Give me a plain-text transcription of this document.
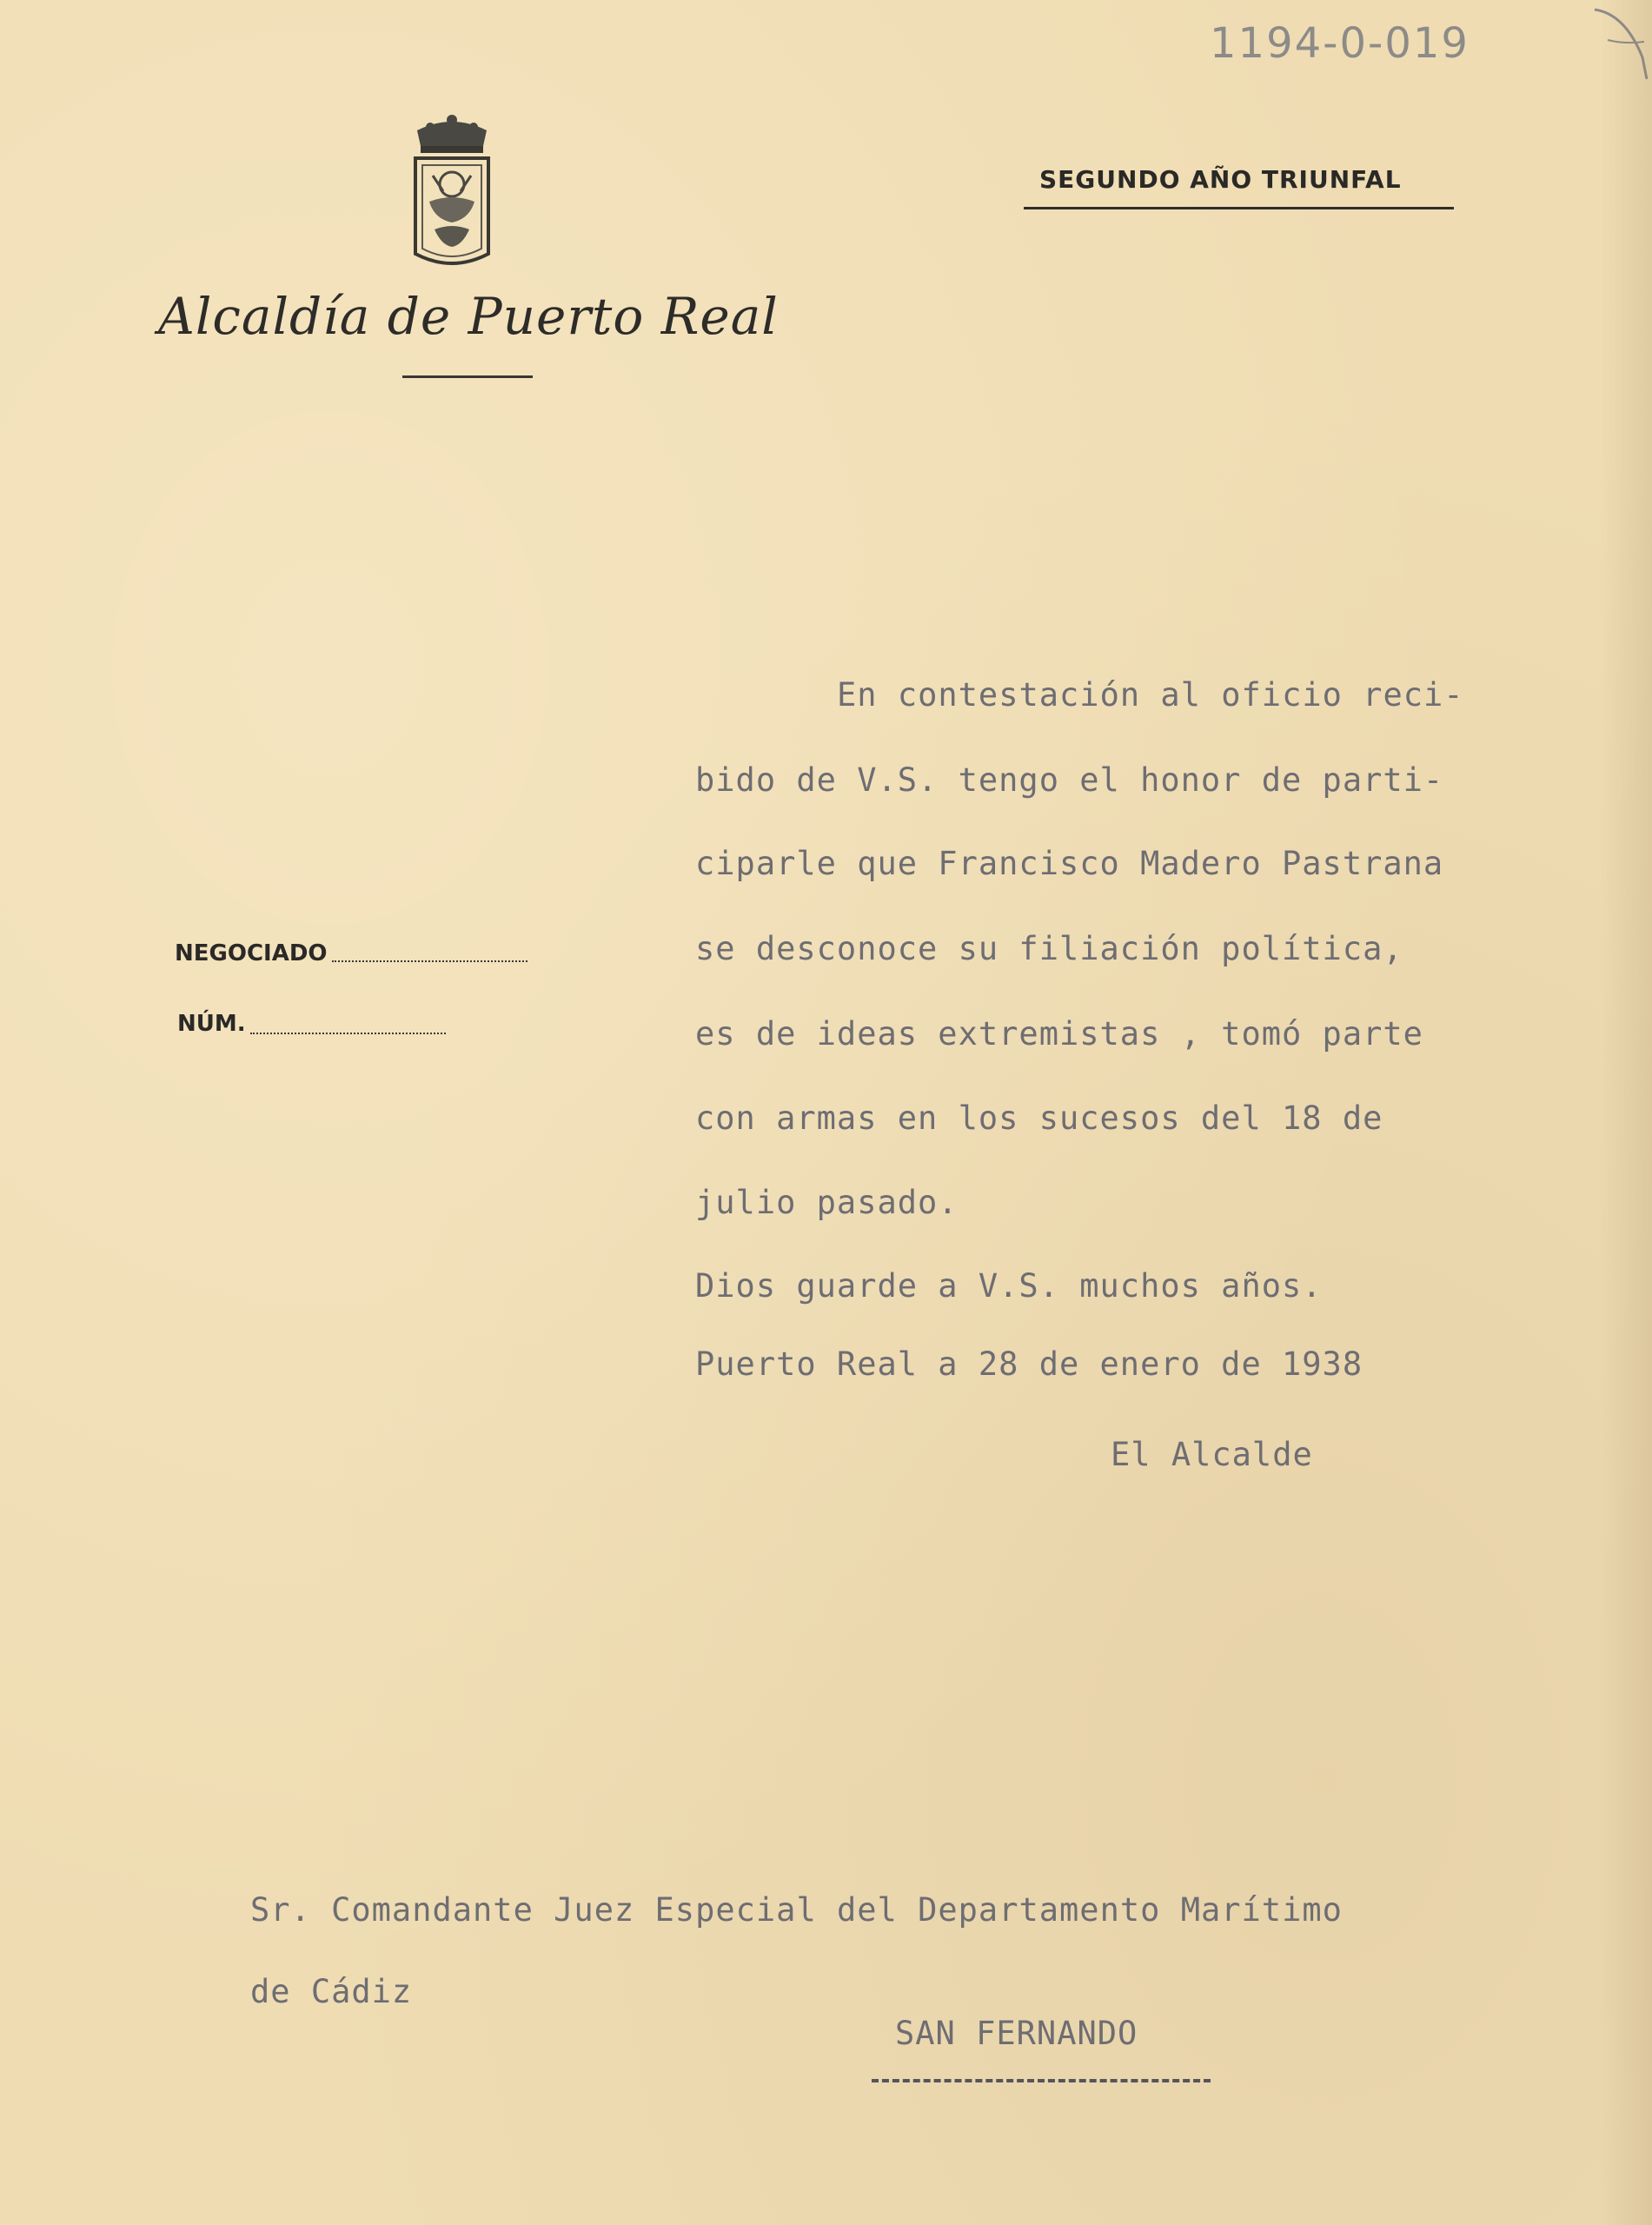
1194-0-019
Alcaldía de Puerto Real
SEGUNDO AÑO TRIUNFAL
NEGOCIADO
NÚM.
En contestación al oficio reci-
bido de V.S. tengo el honor de parti-
ciparle que Francisco Madero Pastrana
se desconoce su filiación política,
es de ideas extremistas , tomó parte
con armas en los sucesos del 18 de
julio pasado.
Dios guarde a V.S. muchos años.
Puerto Real a 28 de enero de 1938
El Alcalde
Sr. Comandante Juez Especial del Departamento Marítimo
de Cádiz
SAN FERNANDO
